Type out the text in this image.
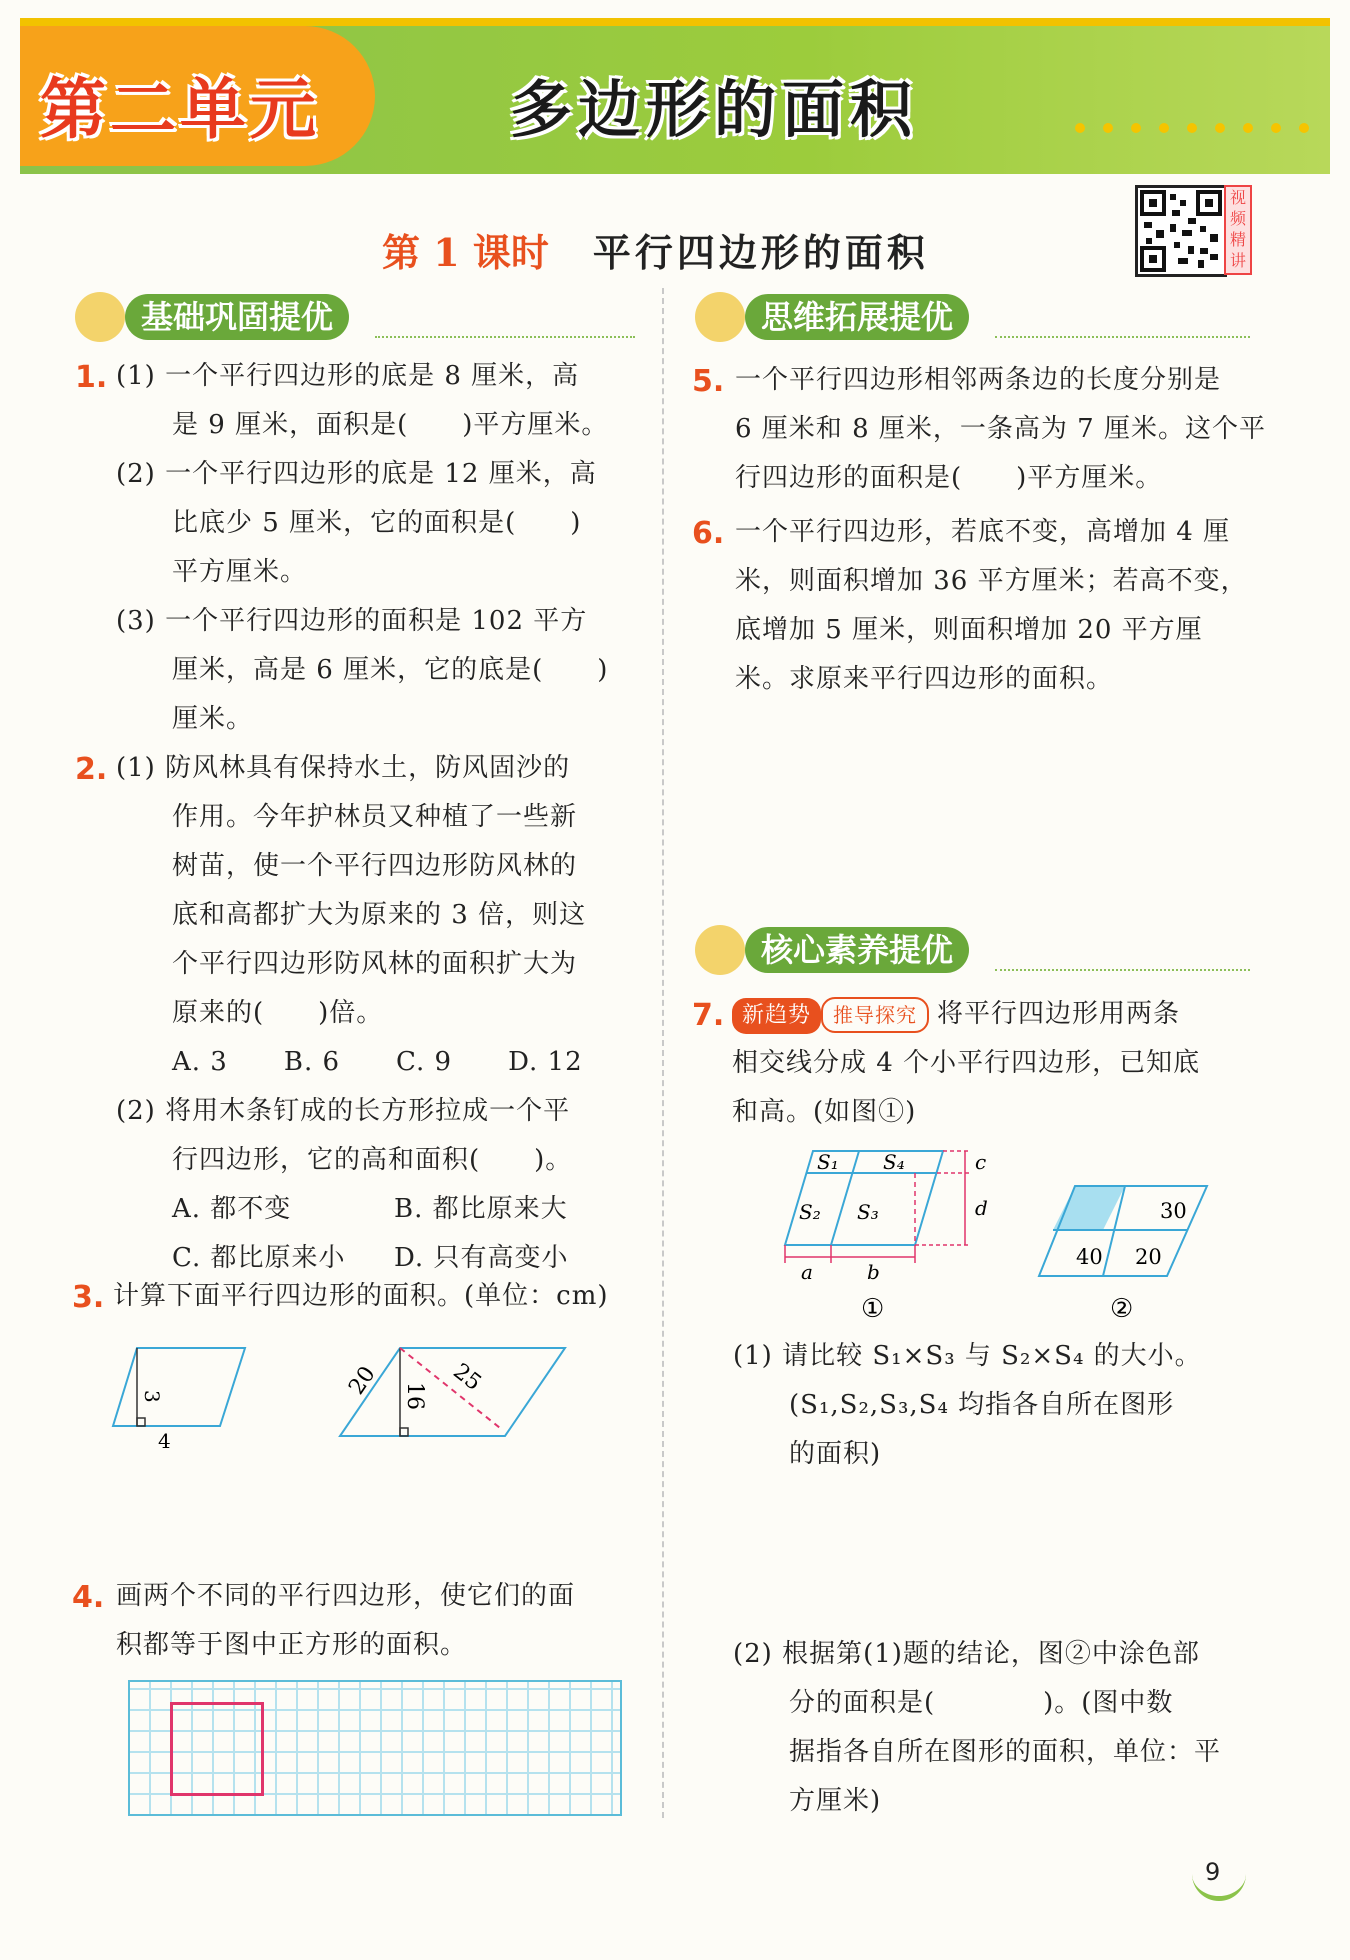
第二单元	多边形的面积
第 1 课时 平行四边形的面积
视频精讲
基础巩固提优	思维拓展提优
核心素养提优
1. (1) 一个平行四边形的底是 8 厘米，高
是 9 厘米，面积是(　　)平方厘米。
(2) 一个平行四边形的底是 12 厘米，高
比底少 5 厘米，它的面积是(　　)
平方厘米。
(3) 一个平行四边形的面积是 102 平方
厘米，高是 6 厘米，它的底是(　　)
厘米。
2. (1) 防风林具有保持水土，防风固沙的
作用。今年护林员又种植了一些新
树苗，使一个平行四边形防风林的
底和高都扩大为原来的 3 倍，则这
个平行四边形防风林的面积扩大为
原来的(　　)倍。
A. 3 B. 6 C. 9 D. 12
(2) 将用木条钉成的长方形拉成一个平
行四边形，它的高和面积(　　)。
A. 都不变	B. 都比原来大
C. 都比原来小	D. 只有高变小
3. 计算下面平行四边形的面积。(单位：cm)
3
4
20 16
25
4. 画两个不同的平行四边形，使它们的面
积都等于图中正方形的面积。
5. 一个平行四边形相邻两条边的长度分别是
6 厘米和 8 厘米，一条高为 7 厘米。这个平
行四边形的面积是(　　)平方厘米。
6. 一个平行四边形，若底不变，高增加 4 厘
米，则面积增加 36 平方厘米；若高不变，
底增加 5 厘米，则面积增加 20 平方厘
米。求原来平行四边形的面积。
7. 新趋势 推导探究 将平行四边形用两条
相交线分成 4 个小平行四边形，已知底
和高。(如图①)
S₁ S₄
S₂ S₃
c
d
a	b
①
30
40 20
②
(1) 请比较 S₁×S₃ 与 S₂×S₄ 的大小。
(S₁,S₂,S₃,S₄ 均指各自所在图形
的面积)
(2) 根据第(1)题的结论，图②中涂色部
分的面积是(　　　　)。(图中数
据指各自所在图形的面积，单位：平
方厘米)
9
